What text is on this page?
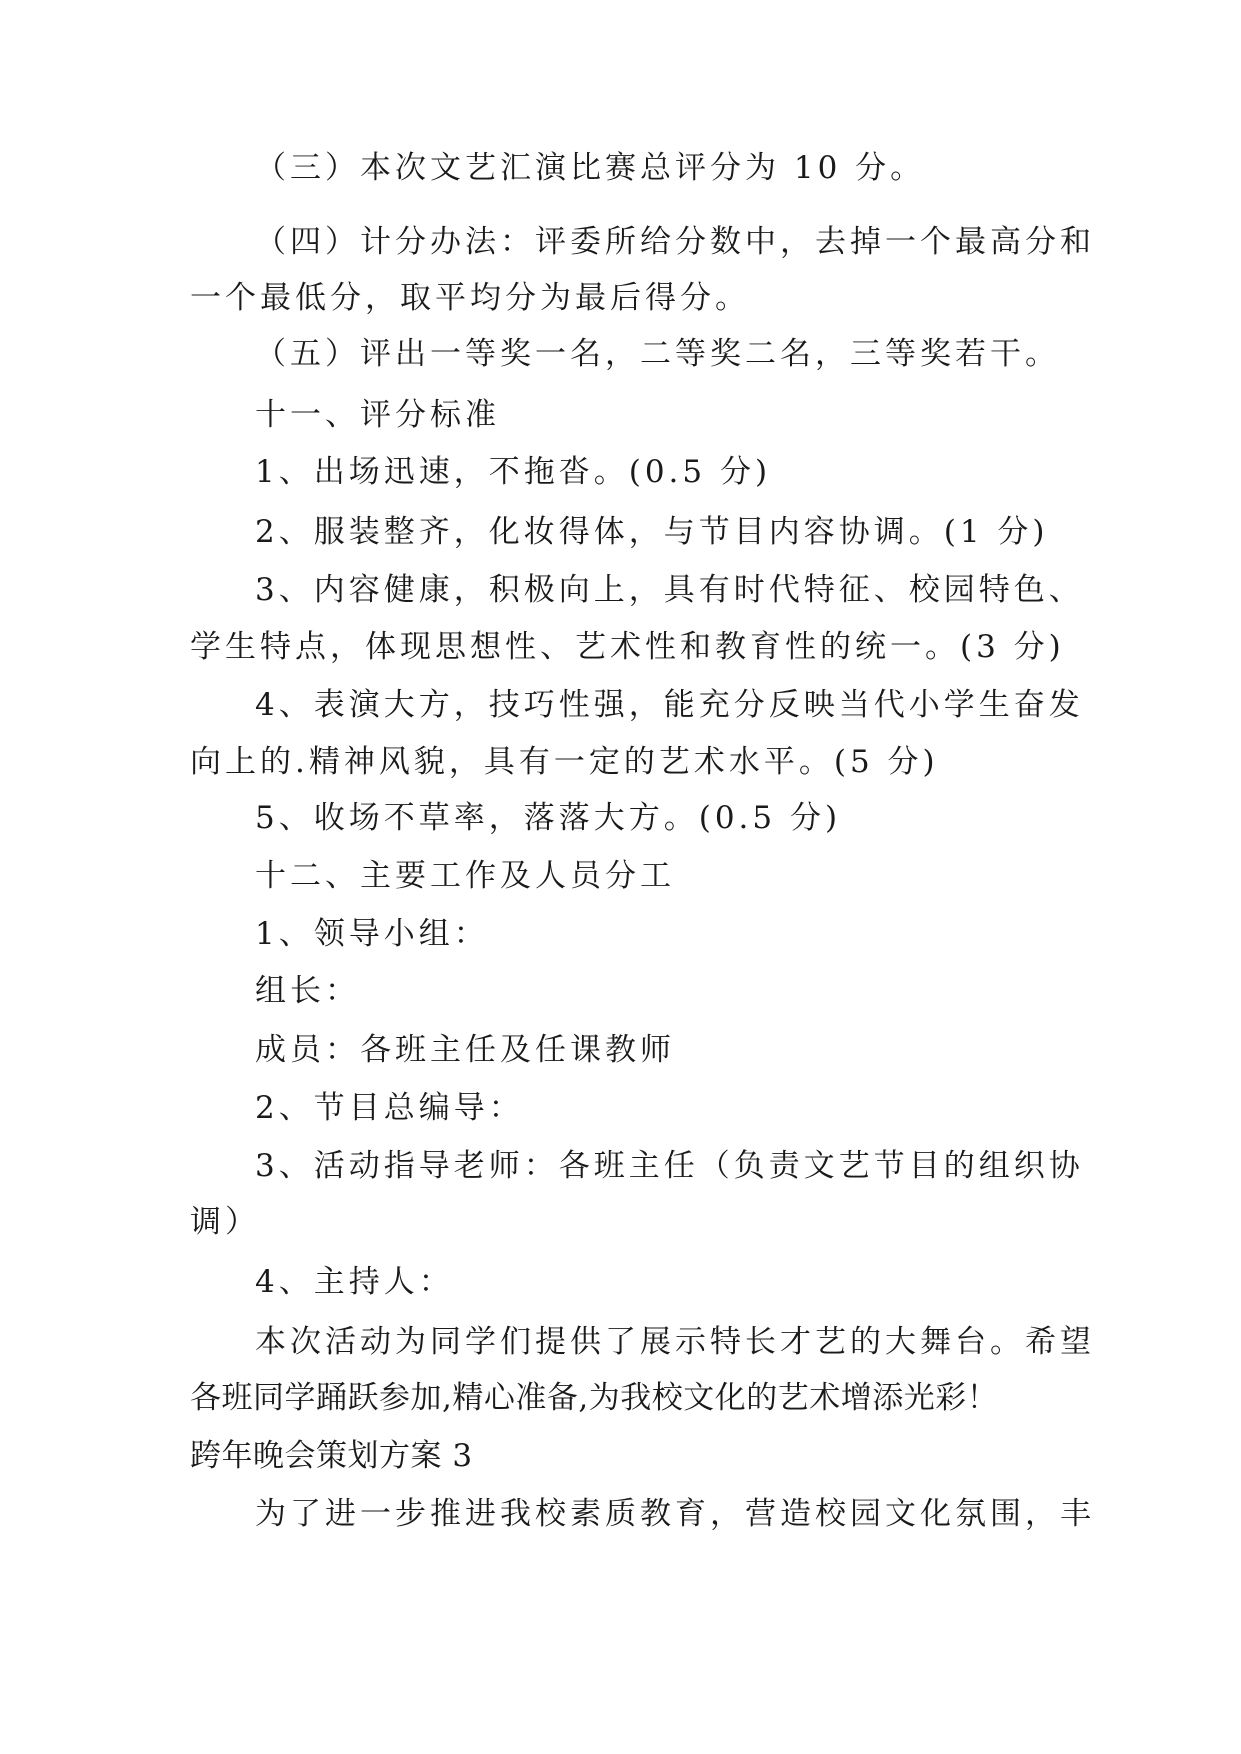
（三）本次文艺汇演比赛总评分为 10 分。
（四）计分办法：评委所给分数中，去掉一个最高分和
一个最低分，取平均分为最后得分。
（五）评出一等奖一名，二等奖二名，三等奖若干。
十一、评分标准
1、出场迅速，不拖沓。(0.5 分)
2、服装整齐，化妆得体，与节目内容协调。(1 分)
3、内容健康，积极向上，具有时代特征、校园特色、
学生特点，体现思想性、艺术性和教育性的统一。(3 分)
4、表演大方，技巧性强，能充分反映当代小学生奋发
向上的.精神风貌，具有一定的艺术水平。(5 分)
5、收场不草率，落落大方。(0.5 分)
十二、主要工作及人员分工
1、领导小组：
组长：
成员：各班主任及任课教师
2、节目总编导：
3、活动指导老师：各班主任（负责文艺节目的组织协
调）
4、主持人：
本次活动为同学们提供了展示特长才艺的大舞台。希望
各班同学踊跃参加,精心准备,为我校文化的艺术增添光彩！
跨年晚会策划方案 3
为了进一步推进我校素质教育，营造校园文化氛围，丰
